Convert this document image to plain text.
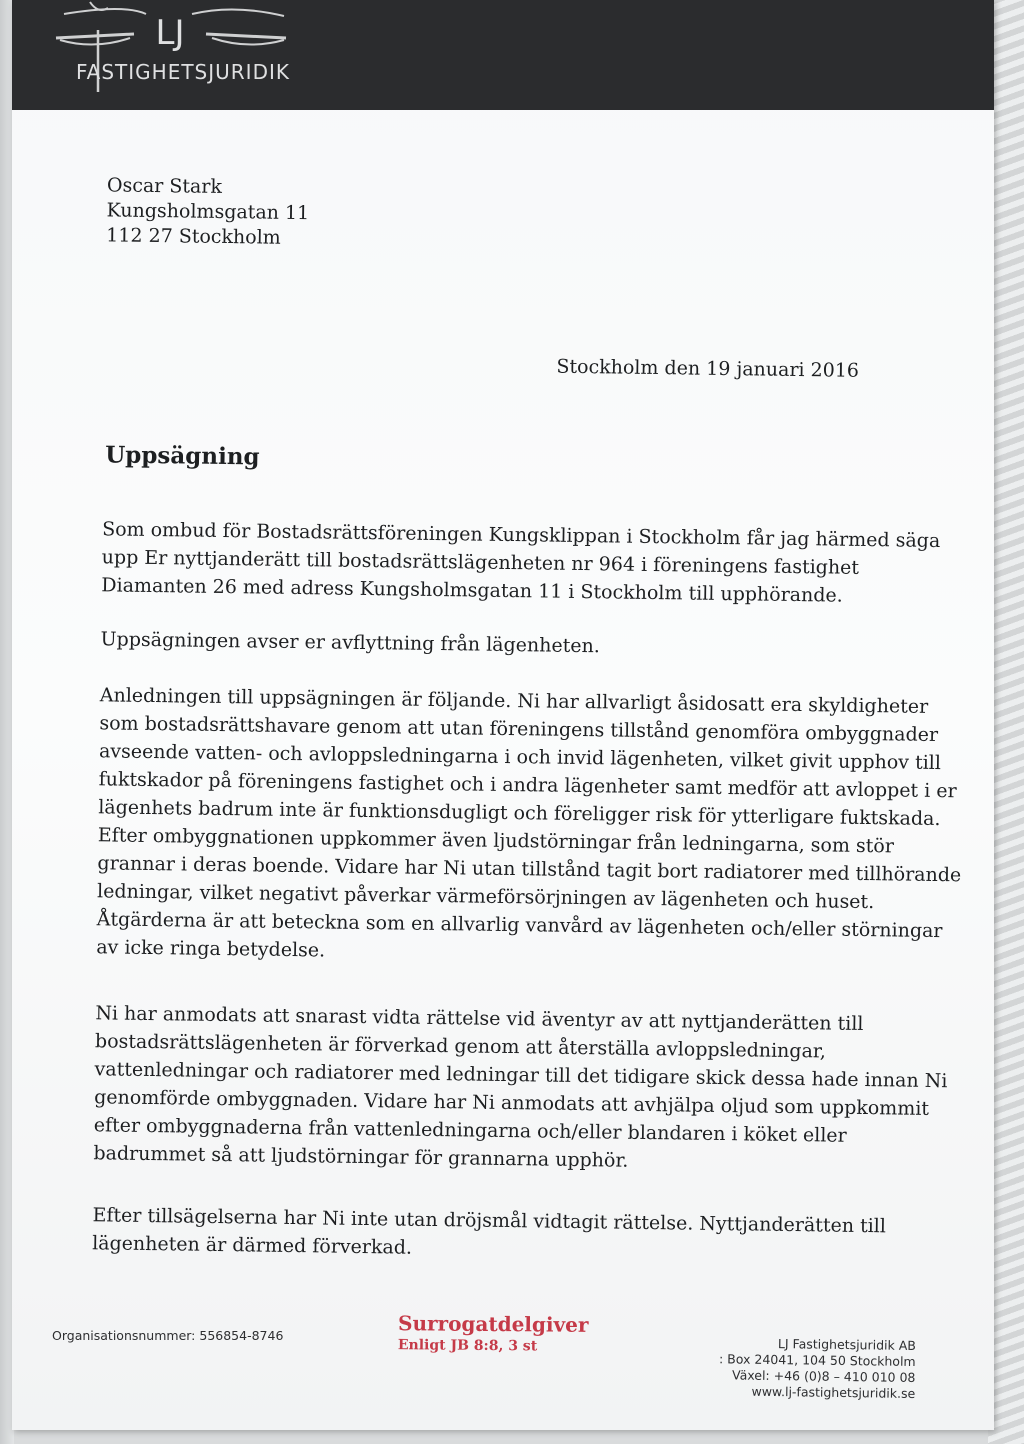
LJ
FASTIGHETSJURIDIK
Oscar Stark
Kungsholmsgatan 11
112 27 Stockholm
Stockholm den 19 januari 2016
Uppsägning
Som ombud för Bostadsrättsföreningen Kungsklippan i Stockholm får jag härmed säga
upp Er nyttjanderätt till bostadsrättslägenheten nr 964 i föreningens fastighet
Diamanten 26 med adress Kungsholmsgatan 11 i Stockholm till upphörande.
Uppsägningen avser er avflyttning från lägenheten.
Anledningen till uppsägningen är följande. Ni har allvarligt åsidosatt era skyldigheter
som bostadsrättshavare genom att utan föreningens tillstånd genomföra ombyggnader
avseende vatten- och avloppsledningarna i och invid lägenheten, vilket givit upphov till
fuktskador på föreningens fastighet och i andra lägenheter samt medför att avloppet i er
lägenhets badrum inte är funktionsdugligt och föreligger risk för ytterligare fuktskada.
Efter ombyggnationen uppkommer även ljudstörningar från ledningarna, som stör
grannar i deras boende. Vidare har Ni utan tillstånd tagit bort radiatorer med tillhörande
ledningar, vilket negativt påverkar värmeförsörjningen av lägenheten och huset.
Åtgärderna är att beteckna som en allvarlig vanvård av lägenheten och/eller störningar
av icke ringa betydelse.
Ni har anmodats att snarast vidta rättelse vid äventyr av att nyttjanderätten till
bostadsrättslägenheten är förverkad genom att återställa avloppsledningar,
vattenledningar och radiatorer med ledningar till det tidigare skick dessa hade innan Ni
genomförde ombyggnaden. Vidare har Ni anmodats att avhjälpa oljud som uppkommit
efter ombyggnaderna från vattenledningarna och/eller blandaren i köket eller
badrummet så att ljudstörningar för grannarna upphör.
Efter tillsägelserna har Ni inte utan dröjsmål vidtagit rättelse. Nyttjanderätten till
lägenheten är därmed förverkad.
Organisationsnummer: 556854-8746	Surrogatdelgiver
Enligt JB 8:8, 3 st	LJ Fastighetsjuridik AB
: Box 24041, 104 50 Stockholm
Växel: +46 (0)8 – 410 010 08
www.lj-fastighetsjuridik.se
